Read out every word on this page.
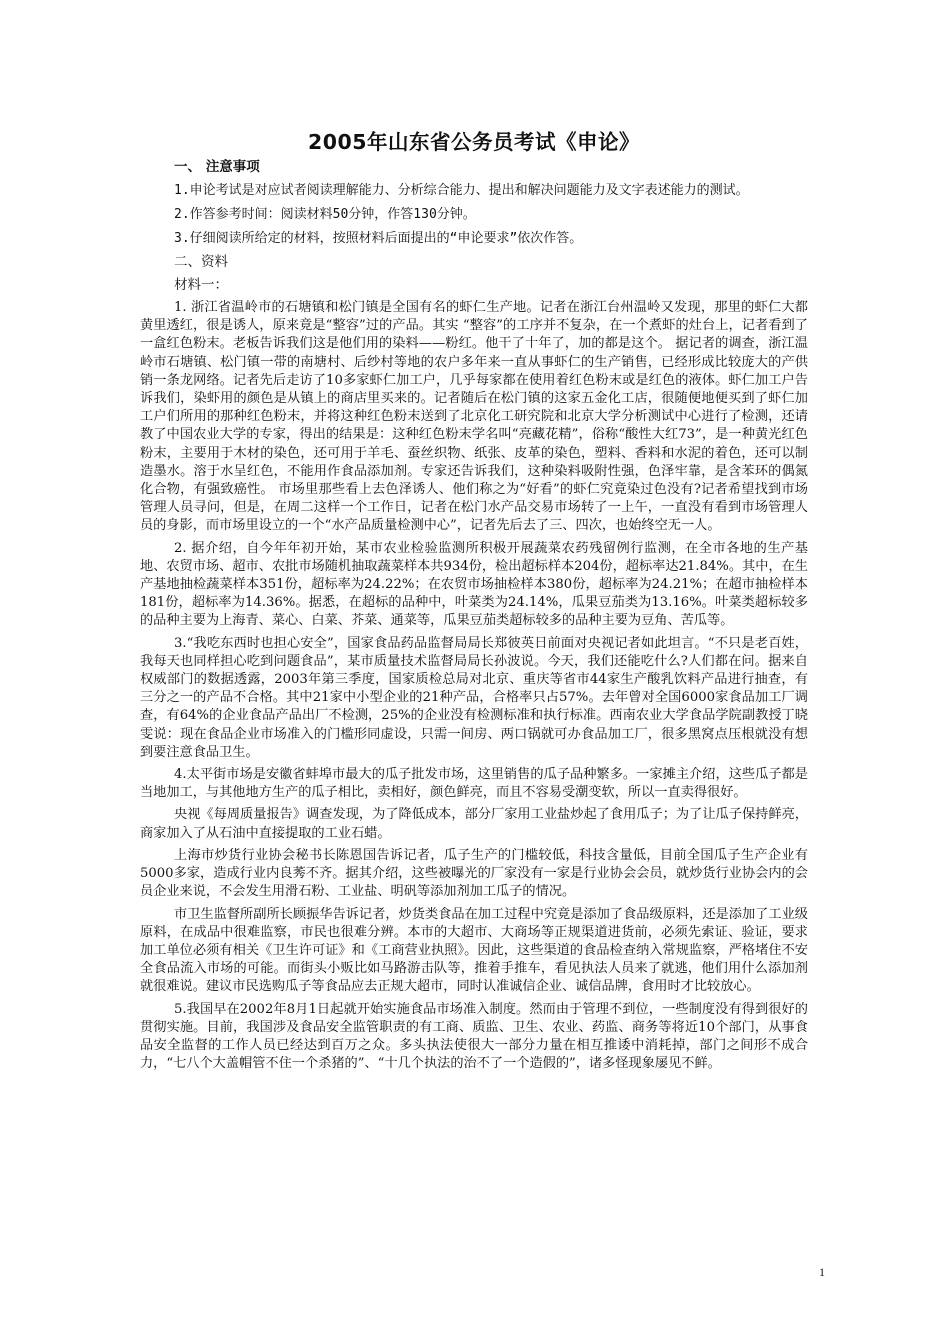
2005年山东省公务员考试《申论》
一、 注意事项
1.申论考试是对应试者阅读理解能力、分析综合能力、提出和解决问题能力及文字表述能力的测试。
2.作答参考时间：阅读材料50分钟，作答130分钟。
3.仔细阅读所给定的材料，按照材料后面提出的“申论要求”依次作答。
二、资料
材料一：

1. 浙江省温岭市的石塘镇和松门镇是全国有名的虾仁生产地。记者在浙江台州温岭又发现，那里的虾仁大都黄里透红，很是诱人，原来竟是“整容”过的产品。其实 “整容”的工序并不复杂，在一个煮虾的灶台上，记者看到了一盒红色粉末。老板告诉我们这是他们用的染料——粉红。他干了十年了，加的都是这个。 据记者的调查，浙江温岭市石塘镇、松门镇一带的南塘村、后纱村等地的农户多年来一直从事虾仁的生产销售，已经形成比较庞大的产供销一条龙网络。记者先后走访了10多家虾仁加工户，几乎每家都在使用着红色粉末或是红色的液体。虾仁加工户告诉我们，染虾用的颜色是从镇上的商店里买来的。记者随后在松门镇的这家五金化工店，很随便地便买到了虾仁加工户们所用的那种红色粉末，并将这种红色粉末送到了北京化工研究院和北京大学分析测试中心进行了检测，还请教了中国农业大学的专家，得出的结果是：这种红色粉末学名叫“亮藏花精”，俗称“酸性大红73”，是一种黄光红色粉末，主要用于木材的染色，还可用于羊毛、蚕丝织物、纸张、皮革的染色，塑料、香料和水泥的着色，还可以制造墨水。溶于水呈红色，不能用作食品添加剂。专家还告诉我们，这种染料吸附性强，色泽牢靠，是含苯环的偶氮化合物，有强致癌性。 市场里那些看上去色泽诱人、他们称之为“好看”的虾仁究竟染过色没有?记者希望找到市场管理人员寻问，但是，在周二这样一个工作日，记者在松门水产品交易市场转了一上午，一直没有看到市场管理人员的身影，而市场里设立的一个“水产品质量检测中心”，记者先后去了三、四次，也始终空无一人。

2. 据介绍，自今年年初开始，某市农业检验监测所积极开展蔬菜农药残留例行监测，在全市各地的生产基地、农贸市场、超市、农批市场随机抽取蔬菜样本共934份，检出超标样本204份，超标率达21.84%。其中，在生产基地抽检蔬菜样本351份，超标率为24.22%；在农贸市场抽检样本380份，超标率为24.21%；在超市抽检样本181份，超标率为14.36%。据悉，在超标的品种中，叶菜类为24.14%，瓜果豆茄类为13.16%。叶菜类超标较多的品种主要为上海青、菜心、白菜、芥菜、通菜等，瓜果豆茄类超标较多的品种主要为豆角、苦瓜等。

3.“我吃东西时也担心安全”，国家食品药品监督局局长郑彼英日前面对央视记者如此坦言。“不只是老百姓，我每天也同样担心吃到问题食品”，某市质量技术监督局局长孙波说。今天，我们还能吃什么?人们都在问。据来自权威部门的数据透露，2003年第三季度，国家质检总局对北京、重庆等省市44家生产酸乳饮料产品进行抽查，有三分之一的产品不合格。其中21家中小型企业的21种产品，合格率只占57%。去年曾对全国6000家食品加工厂调查，有64%的企业食品产品出厂不检测，25%的企业没有检测标准和执行标准。西南农业大学食品学院副教授丁晓雯说：现在食品企业市场准入的门槛形同虚设，只需一间房、两口锅就可办食品加工厂，很多黑窝点压根就没有想到要注意食品卫生。

4.太平街市场是安徽省蚌埠市最大的瓜子批发市场，这里销售的瓜子品种繁多。一家摊主介绍，这些瓜子都是当地加工，与其他地方生产的瓜子相比，卖相好，颜色鲜亮，而且不容易受潮变软，所以一直卖得很好。

央视《每周质量报告》调查发现，为了降低成本，部分厂家用工业盐炒起了食用瓜子；为了让瓜子保持鲜亮，商家加入了从石油中直接提取的工业石蜡。

上海市炒货行业协会秘书长陈恩国告诉记者，瓜子生产的门槛较低，科技含量低，目前全国瓜子生产企业有5000多家，造成行业内良莠不齐。据其介绍，这些被曝光的厂家没有一家是行业协会会员，就炒货行业协会内的会员企业来说，不会发生用滑石粉、工业盐、明矾等添加剂加工瓜子的情况。

市卫生监督所副所长顾振华告诉记者，炒货类食品在加工过程中究竟是添加了食品级原料，还是添加了工业级原料，在成品中很难监察，市民也很难分辨。本市的大超市、大商场等正规渠道进货前，必须先索证、验证，要求加工单位必须有相关《卫生许可证》和《工商营业执照》。因此，这些渠道的食品检查纳入常规监察，严格堵住不安全食品流入市场的可能。而街头小贩比如马路游击队等，推着手推车，看见执法人员来了就逃，他们用什么添加剂就很难说。建议市民选购瓜子等食品应去正规大超市，同时认准诚信企业、诚信品牌，食用时才比较放心。

5.我国早在2002年8月1日起就开始实施食品市场准入制度。然而由于管理不到位，一些制度没有得到很好的贯彻实施。目前，我国涉及食品安全监管职责的有工商、质监、卫生、农业、药监、商务等将近10个部门，从事食品安全监督的工作人员已经达到百万之众。多头执法使很大一部分力量在相互推诿中消耗掉，部门之间形不成合力，“七八个大盖帽管不住一个杀猪的”、“十几个执法的治不了一个造假的”，诸多怪现象屡见不鲜。

1
